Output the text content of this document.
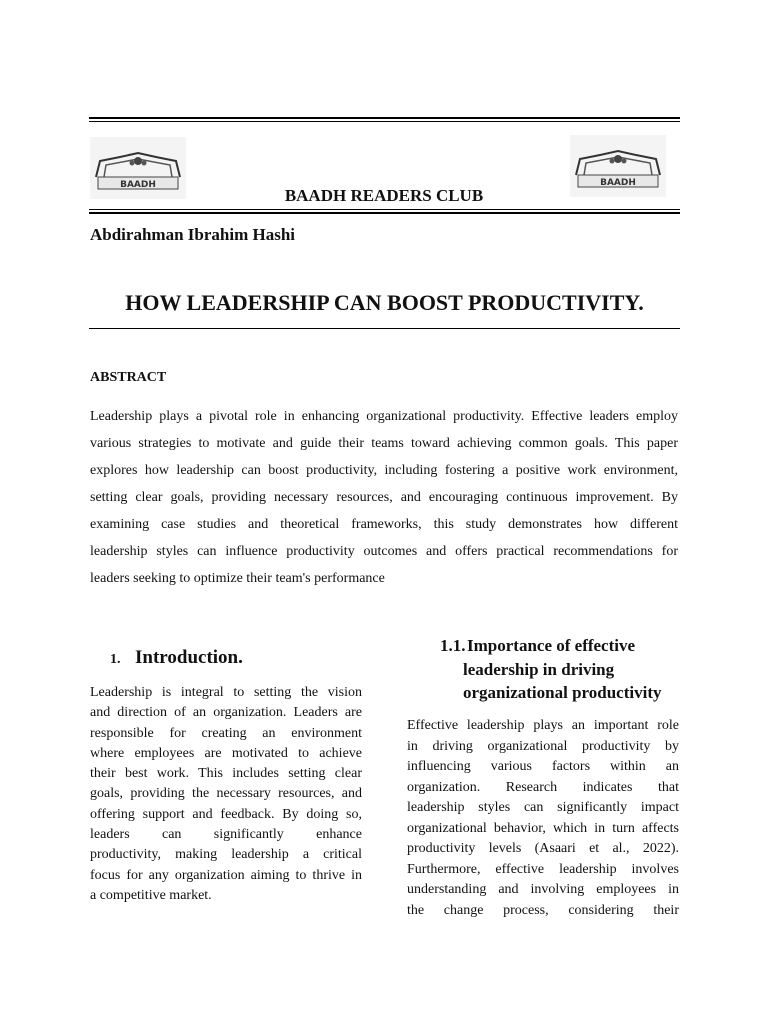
BAADH	BAADH
BAADH READERS CLUB
Abdirahman Ibrahim Hashi
HOW LEADERSHIP CAN BOOST PRODUCTIVITY.
ABSTRACT
Leadership plays a pivotal role in enhancing organizational productivity. Effective leaders employ
various strategies to motivate and guide their teams toward achieving common goals. This paper
explores how leadership can boost productivity, including fostering a positive work environment,
setting clear goals, providing necessary resources, and encouraging continuous improvement. By
examining case studies and theoretical frameworks, this study demonstrates how different
leadership styles can influence productivity outcomes and offers practical recommendations for
leaders seeking to optimize their team's performance
1. Introduction.
Leadership is integral to setting the vision
and direction of an organization. Leaders are
responsible for creating an environment
where employees are motivated to achieve
their best work. This includes setting clear
goals, providing the necessary resources, and
offering support and feedback. By doing so,
leaders can significantly enhance
productivity, making leadership a critical
focus for any organization aiming to thrive in
a competitive market.
1.1. Importance of effective
leadership in driving
organizational productivity
Effective leadership plays an important role
in driving organizational productivity by
influencing various factors within an
organization. Research indicates that
leadership styles can significantly impact
organizational behavior, which in turn affects
productivity levels (Asaari et al., 2022).
Furthermore, effective leadership involves
understanding and involving employees in
the change process, considering their
